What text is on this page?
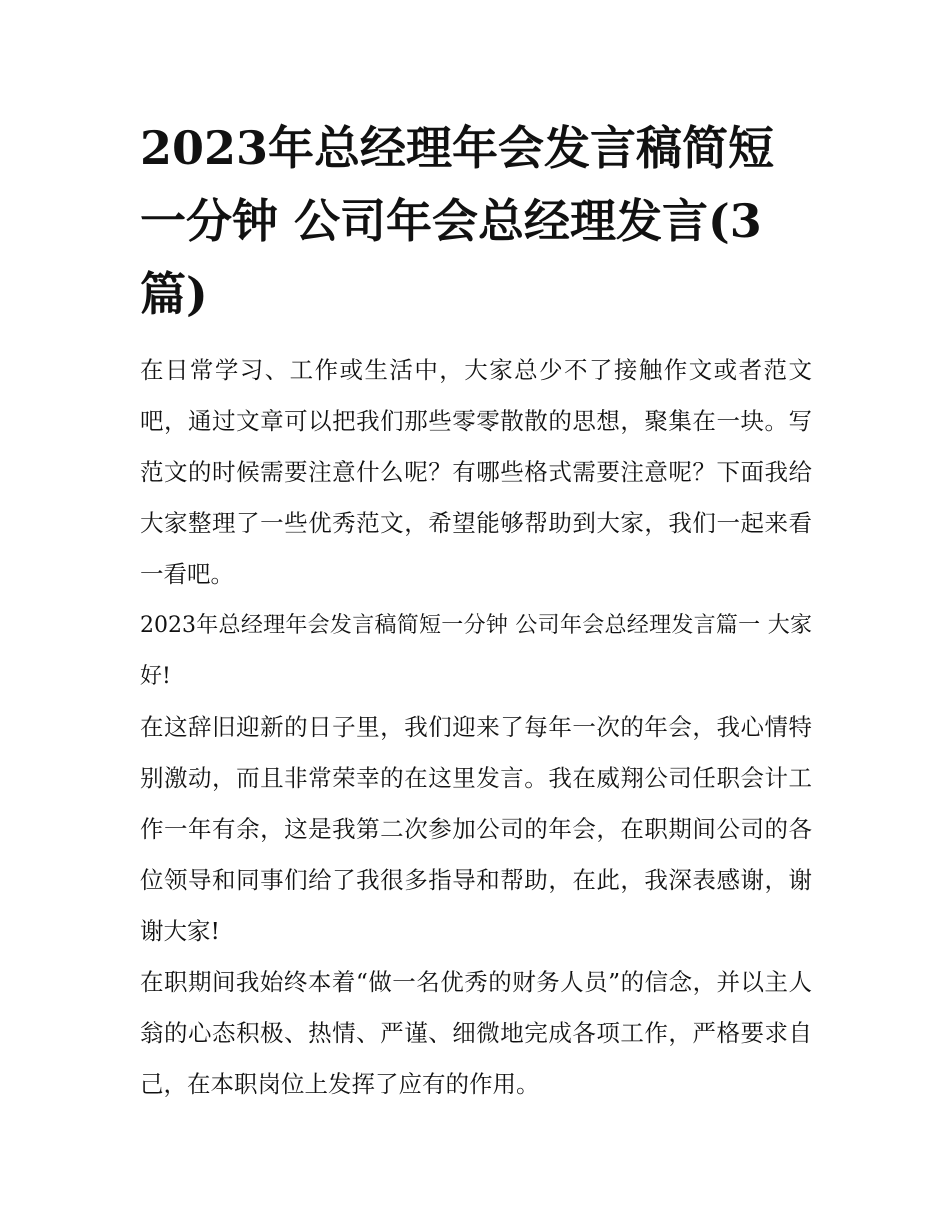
2023年总经理年会发言稿简短一分钟 公司年会总经理发言(3篇)

在日常学习、工作或生活中，大家总少不了接触作文或者范文吧，通过文章可以把我们那些零零散散的思想，聚集在一块。写范文的时候需要注意什么呢？有哪些格式需要注意呢？下面我给大家整理了一些优秀范文，希望能够帮助到大家，我们一起来看一看吧。

2023年总经理年会发言稿简短一分钟 公司年会总经理发言篇一 大家好!

在这辞旧迎新的日子里，我们迎来了每年一次的年会，我心情特别激动，而且非常荣幸的在这里发言。我在威翔公司任职会计工作一年有余，这是我第二次参加公司的年会，在职期间公司的各位领导和同事们给了我很多指导和帮助，在此，我深表感谢，谢谢大家!

在职期间我始终本着“做一名优秀的财务人员”的信念，并以主人翁的心态积极、热情、严谨、细微地完成各项工作，严格要求自己，在本职岗位上发挥了应有的作用。
